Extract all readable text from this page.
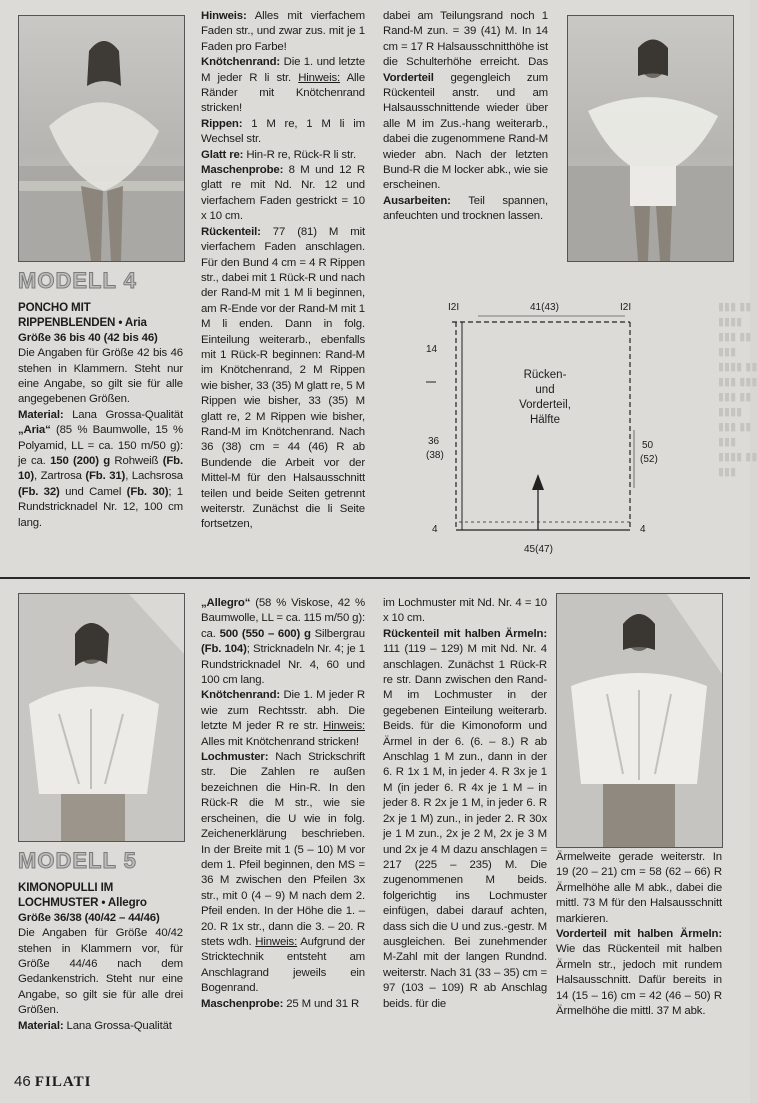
▮▮▮ ▮▮ ▮▮▮▮ ▮▮▮ ▮▮ ▮▮▮ ▮▮▮▮ ▮▮ ▮▮▮ ▮▮▮ ▮▮▮ ▮▮ ▮▮▮▮ ▮▮▮ ▮▮ ▮▮▮ ▮▮▮▮ ▮▮ ▮▮▮
MODELL 4

PONCHO MIT
RIPPENBLENDEN • Aria

Größe 36 bis 40 (42 bis 46)

Die Angaben für Größe 42 bis 46 stehen in Klammern. Steht nur eine Angabe, so gilt sie für alle angegebenen Größen.

Material: Lana Grossa-Qualität „Aria“ (85 % Baumwolle, 15 % Polyamid, LL = ca. 150 m/50 g): je ca. 150 (200) g Rohweiß (Fb. 10), Zartrosa (Fb. 31), Lachsrosa (Fb. 32) und Camel (Fb. 30); 1 Rundstricknadel Nr. 12, 100 cm lang.

Hinweis: Alles mit vierfachem Faden str., und zwar zus. mit je 1 Faden pro Farbe!

Knötchenrand: Die 1. und letzte M jeder R li str. Hinweis: Alle Ränder mit Knötchenrand stricken!

Rippen: 1 M re, 1 M li im Wechsel str.

Glatt re: Hin-R re, Rück-R li str.

Maschenprobe: 8 M und 12 R glatt re mit Nd. Nr. 12 und vierfachem Faden gestrickt = 10 x 10 cm.

Rückenteil: 77 (81) M mit vierfachem Faden anschlagen. Für den Bund 4 cm = 4 R Rippen str., dabei mit 1 Rück-R und nach der Rand-M mit 1 M li beginnen, am R-Ende vor der Rand-M mit 1 M li enden. Dann in folg. Einteilung weiterarb., ebenfalls mit 1 Rück-R beginnen: Rand-M im Knötchenrand, 2 M Rippen wie bisher, 33 (35) M glatt re, 5 M Rippen wie bisher, 33 (35) M glatt re, 2 M Rippen wie bisher, Rand-M im Knötchenrand. Nach 36 (38) cm = 44 (46) R ab Bundende die Arbeit vor der Mittel-M für den Halsausschnitt teilen und beide Seiten getrennt weiterstr. Zunächst die li Seite fortsetzen,

dabei am Teilungsrand noch 1 Rand-M zun. = 39 (41) M. In 14 cm = 17 R Halsausschnitthöhe ist die Schulterhöhe erreicht. Das Vorderteil gegengleich zum Rückenteil anstr. und am Halsausschnittende wieder über alle M im Zus.-hang weiterarb., dabei die zugenommene Rand-M wieder abn. Nach der letzten Bund-R die M locker abk., wie sie erscheinen.

Ausarbeiten: Teil spannen, anfeuchten und trocknen lassen.

I2I	41(43)	I2I
14
36
(38)
4	4
50
(52)
Rücken-
und
Vorderteil,
Hälfte
45(47)
MODELL 5

KIMONOPULLI IM
LOCHMUSTER • Allegro

Größe 36/38 (40/42 – 44/46)

Die Angaben für Größe 40/42 stehen in Klammern vor, für Größe 44/46 nach dem Gedankenstrich. Steht nur eine Angabe, so gilt sie für alle drei Größen.

Material: Lana Grossa-Qualität

„Allegro“ (58 % Viskose, 42 % Baumwolle, LL = ca. 115 m/50 g): ca. 500 (550 – 600) g Silbergrau (Fb. 104); Stricknadeln Nr. 4; je 1 Rundstricknadel Nr. 4, 60 und 100 cm lang.

Knötchenrand: Die 1. M jeder R wie zum Rechtsstr. abh. Die letzte M jeder R re str. Hinweis: Alles mit Knötchenrand stricken!

Lochmuster: Nach Strickschrift str. Die Zahlen re außen bezeichnen die Hin-R. In den Rück-R die M str., wie sie erscheinen, die U wie in folg. Zeichenerklärung beschrieben. In der Breite mit 1 (5 – 10) M vor dem 1. Pfeil beginnen, den MS = 36 M zwischen den Pfeilen 3x str., mit 0 (4 – 9) M nach dem 2. Pfeil enden. In der Höhe die 1. – 20. R 1x str., dann die 3. – 20. R stets wdh. Hinweis: Aufgrund der Stricktechnik entsteht am Anschlagrand jeweils ein Bogenrand.

Maschenprobe: 25 M und 31 R

im Lochmuster mit Nd. Nr. 4 = 10 x 10 cm.

Rückenteil mit halben Ärmeln: 111 (119 – 129) M mit Nd. Nr. 4 anschlagen. Zunächst 1 Rück-R re str. Dann zwischen den Rand-M im Lochmuster in der gegebenen Einteilung weiterarb. Beids. für die Kimonoform und Ärmel in der 6. (6. – 8.) R ab Anschlag 1 M zun., dann in der 6. R 1x 1 M, in jeder 4. R 3x je 1 M (in jeder 6. R 4x je 1 M – in jeder 8. R 2x je 1 M, in jeder 6. R 2x je 1 M) zun., in jeder 2. R 30x je 1 M zun., 2x je 2 M, 2x je 3 M und 2x je 4 M dazu anschlagen = 217 (225 – 235) M. Die zugenommenen M beids. folgerichtig ins Lochmuster einfügen, dabei darauf achten, dass sich die U und zus.-gestr. M ausgleichen. Bei zunehmender M-Zahl mit der langen Rundnd. weiterstr. Nach 31 (33 – 35) cm = 97 (103 – 109) R ab Anschlag beids. für die

Ärmelweite gerade weiterstr. In 19 (20 – 21) cm = 58 (62 – 66) R Ärmelhöhe alle M abk., dabei die mittl. 73 M für den Halsausschnitt markieren.

Vorderteil mit halben Ärmeln: Wie das Rückenteil mit halben Ärmeln str., jedoch mit rundem Halsausschnitt. Dafür bereits in 14 (15 – 16) cm = 42 (46 – 50) R Ärmelhöhe die mittl. 37 M abk.

46 FILATI
